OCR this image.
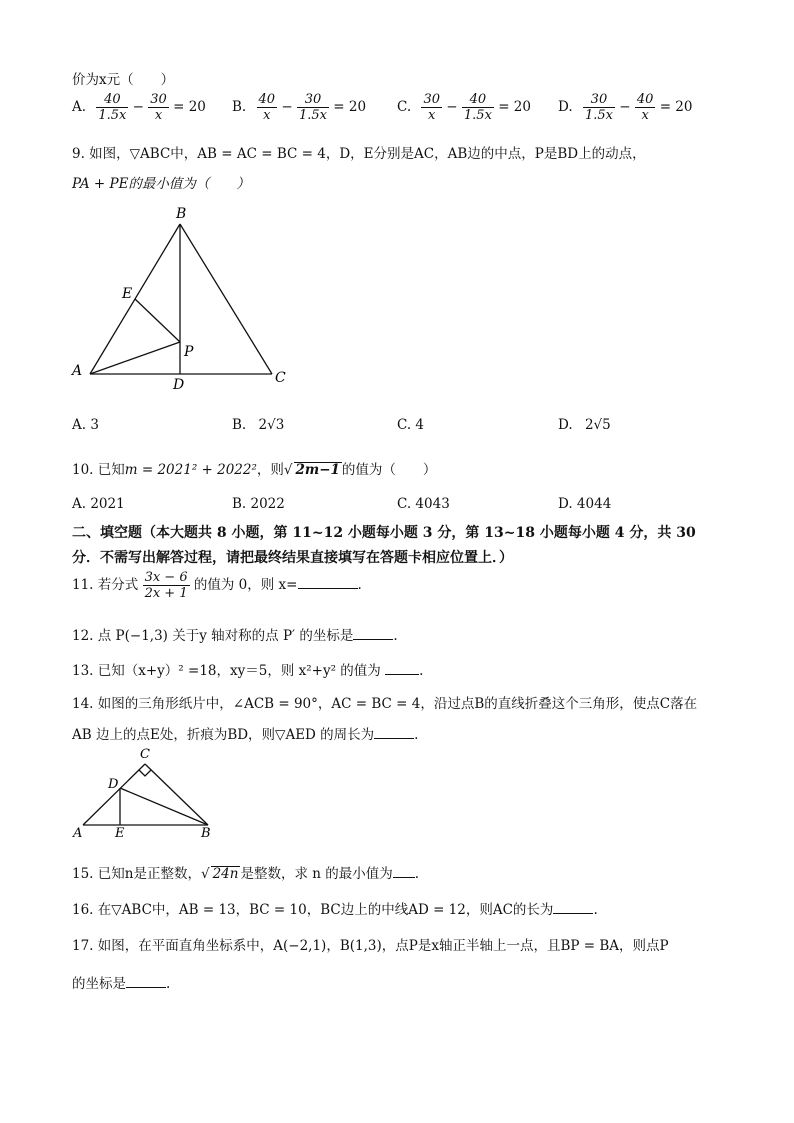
价为x元（　　）
A. $\frac{40}{1.5x} - \frac{30}{x} = 20$ B. $\frac{40}{x} - \frac{30}{1.5x} = 20$ C. $\frac{30}{x} - \frac{40}{1.5x} = 20$ D. $\frac{30}{1.5x} - \frac{40}{x} = 20$
9. 如图，▽ABC中，AB = AC = BC = 4，D，E分别是AC，AB边的中点，P是BD上的动点，
PA + PE的最小值为（　　）
B
E
P
A
D	C
A. 3	B. 2√3	C. 4	D. 2√5
10. 已知m = 2021² + 2022²，则√ 2m−1 的值为（　　）
A. 2021	B. 2022	C. 4043	D. 4044
二、填空题（本大题共 8 小题，第 11~12 小题每小题 3 分，第 13~18 小题每小题 4 分，共 30
分．不需写出解答过程，请把最终结果直接填写在答题卡相应位置上．）
11. 若分式 $\frac{3x - 6}{2x + 1}$ 的值为 0，则 x=	.
12. 点 P(−1,3) 关于y 轴对称的点 P′ 的坐标是	.
13. 已知（x+y）² =18，xy＝5，则 x²+y² 的值为	.
14. 如图的三角形纸片中，∠ACB = 90°，AC = BC = 4，沿过点B的直线折叠这个三角形，使点C落在
AB 边上的点E处，折痕为BD，则▽AED 的周长为	.
C
D
A	E	B
15. 已知n是正整数，√ 24n 是整数，求 n 的最小值为 .
16. 在▽ABC中，AB = 13，BC = 10，BC边上的中线AD = 12，则AC的长为	.
17. 如图，在平面直角坐标系中，A(−2,1)，B(1,3)，点P是x轴正半轴上一点，且BP = BA，则点P
的坐标是	.
